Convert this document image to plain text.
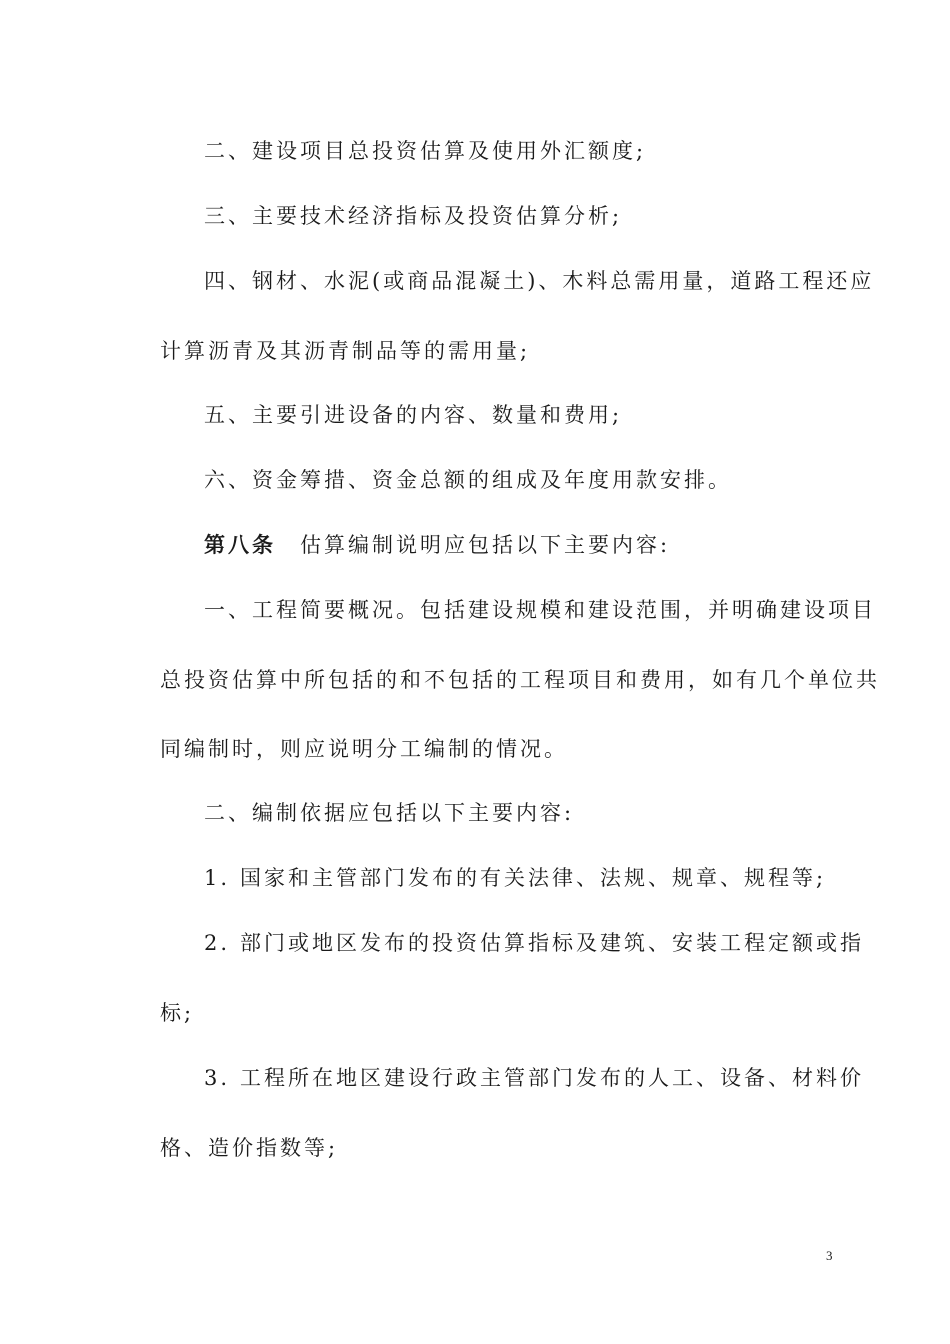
二、建设项目总投资估算及使用外汇额度;
三、主要技术经济指标及投资估算分析;
四、钢材、水泥(或商品混凝土)、木料总需用量，道路工程还应
计算沥青及其沥青制品等的需用量;
五、主要引进设备的内容、数量和费用;
六、资金筹措、资金总额的组成及年度用款安排。
第八条 估算编制说明应包括以下主要内容:
一、工程简要概况。包括建设规模和建设范围，并明确建设项目
总投资估算中所包括的和不包括的工程项目和费用，如有几个单位共
同编制时，则应说明分工编制的情况。
二、编制依据应包括以下主要内容:
1. 国家和主管部门发布的有关法律、法规、规章、规程等;
2. 部门或地区发布的投资估算指标及建筑、安装工程定额或指
标;
3. 工程所在地区建设行政主管部门发布的人工、设备、材料价
格、造价指数等;
3
